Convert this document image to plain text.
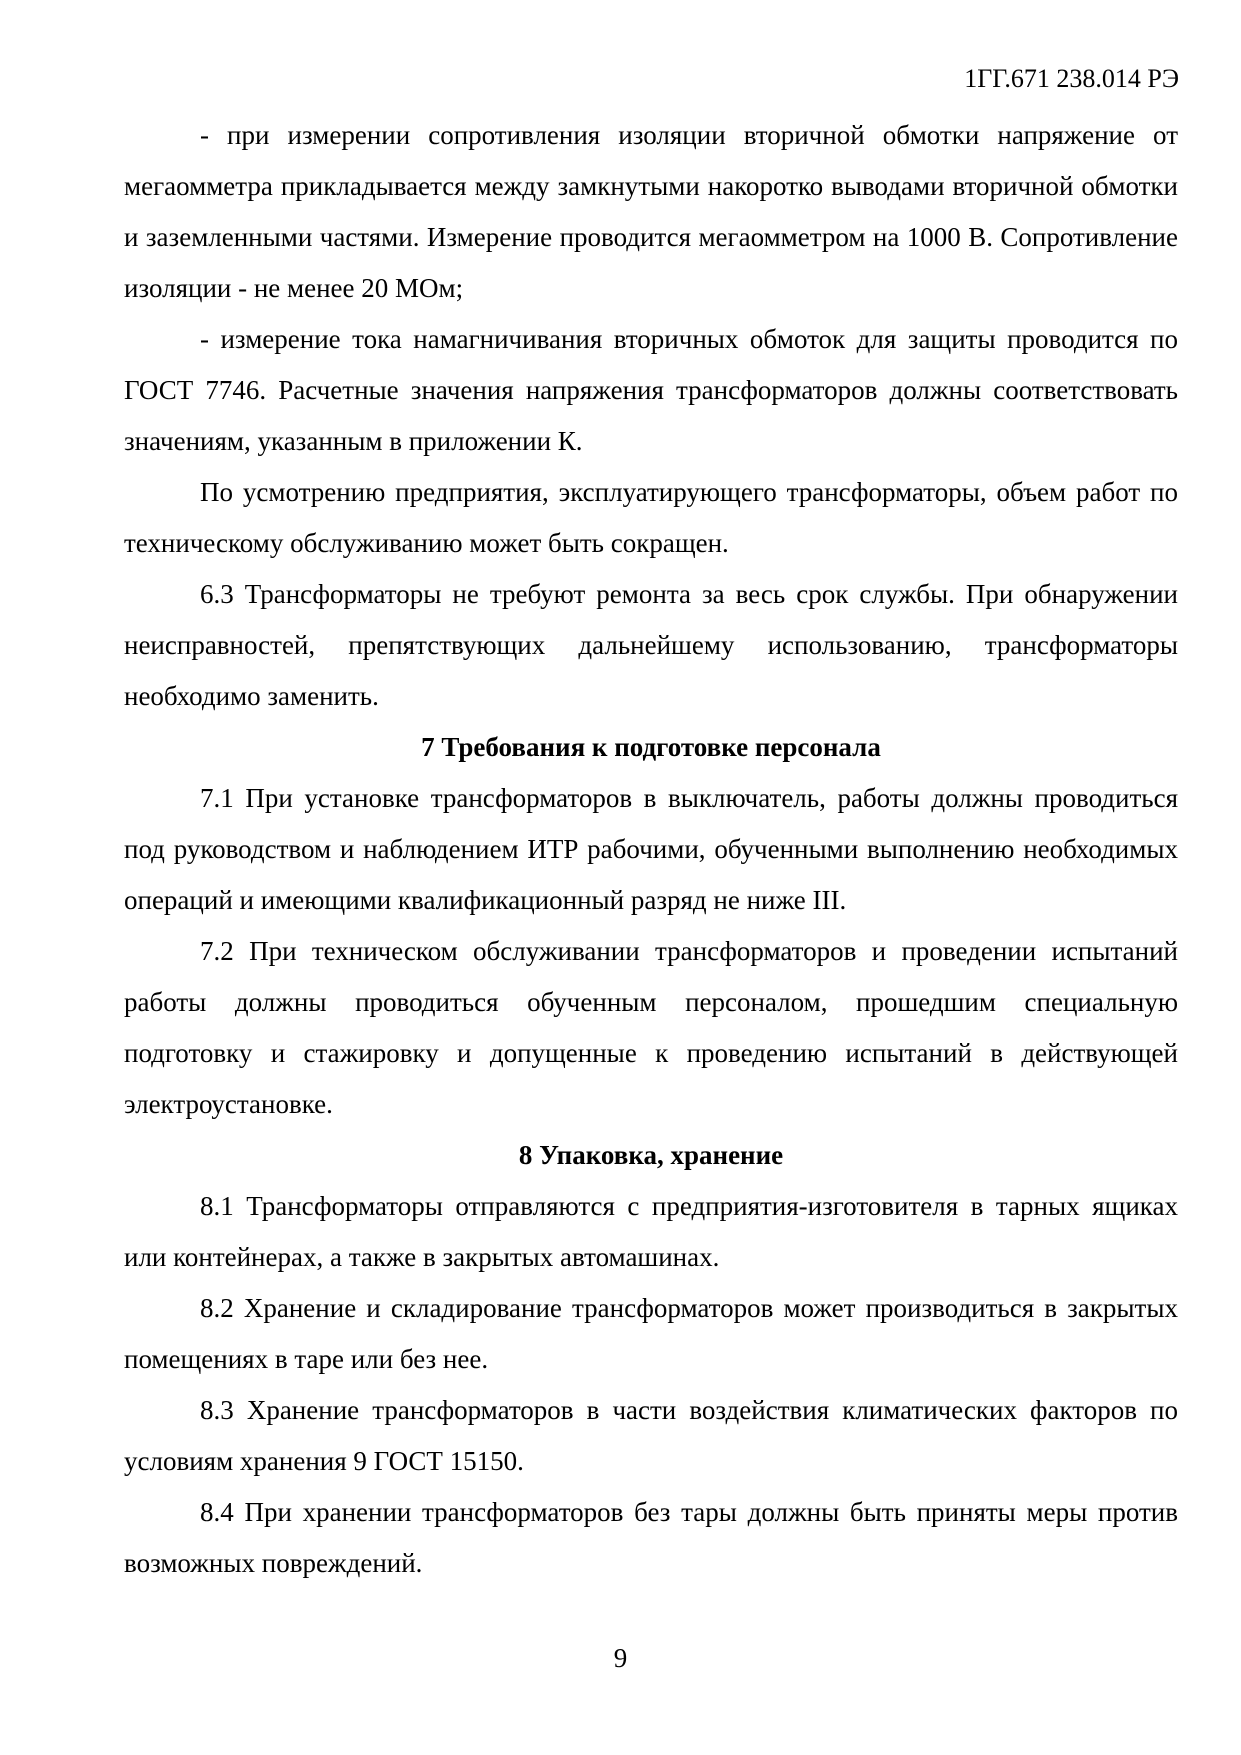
1ГГ.671 238.014 РЭ

- при измерении сопротивления изоляции вторичной обмотки напряжение от мегаомметра прикладывается между замкнутыми накоротко выводами вторичной обмотки и заземленными частями. Измерение проводится мегаомметром на 1000 В. Сопротивление изоляции - не менее 20 МОм;

- измерение тока намагничивания вторичных обмоток для защиты проводится по ГОСТ 7746. Расчетные значения напряжения трансформаторов должны соответствовать значениям, указанным в приложении К.

По усмотрению предприятия, эксплуатирующего трансформаторы, объем работ по техническому обслуживанию может быть сокращен.

6.3 Трансформаторы не требуют ремонта за весь срок службы. При обнаружении неисправностей, препятствующих дальнейшему использованию, трансформаторы необходимо заменить.

7 Требования к подготовке персонала

7.1 При установке трансформаторов в выключатель, работы должны проводиться под руководством и наблюдением ИТР рабочими, обученными выполнению необходимых операций и имеющими квалификационный разряд не ниже III.

7.2 При техническом обслуживании трансформаторов и проведении испытаний работы должны проводиться обученным персоналом, прошедшим специальную подготовку и стажировку и допущенные к проведению испытаний в действующей электроустановке.

8 Упаковка, хранение

8.1 Трансформаторы отправляются с предприятия-изготовителя в тарных ящиках или контейнерах, а также в закрытых автомашинах.

8.2 Хранение и складирование трансформаторов может производиться в закрытых помещениях в таре или без нее.

8.3 Хранение трансформаторов в части воздействия климатических факторов по условиям хранения 9 ГОСТ 15150.

8.4 При хранении трансформаторов без тары должны быть приняты меры против возможных повреждений.

9
